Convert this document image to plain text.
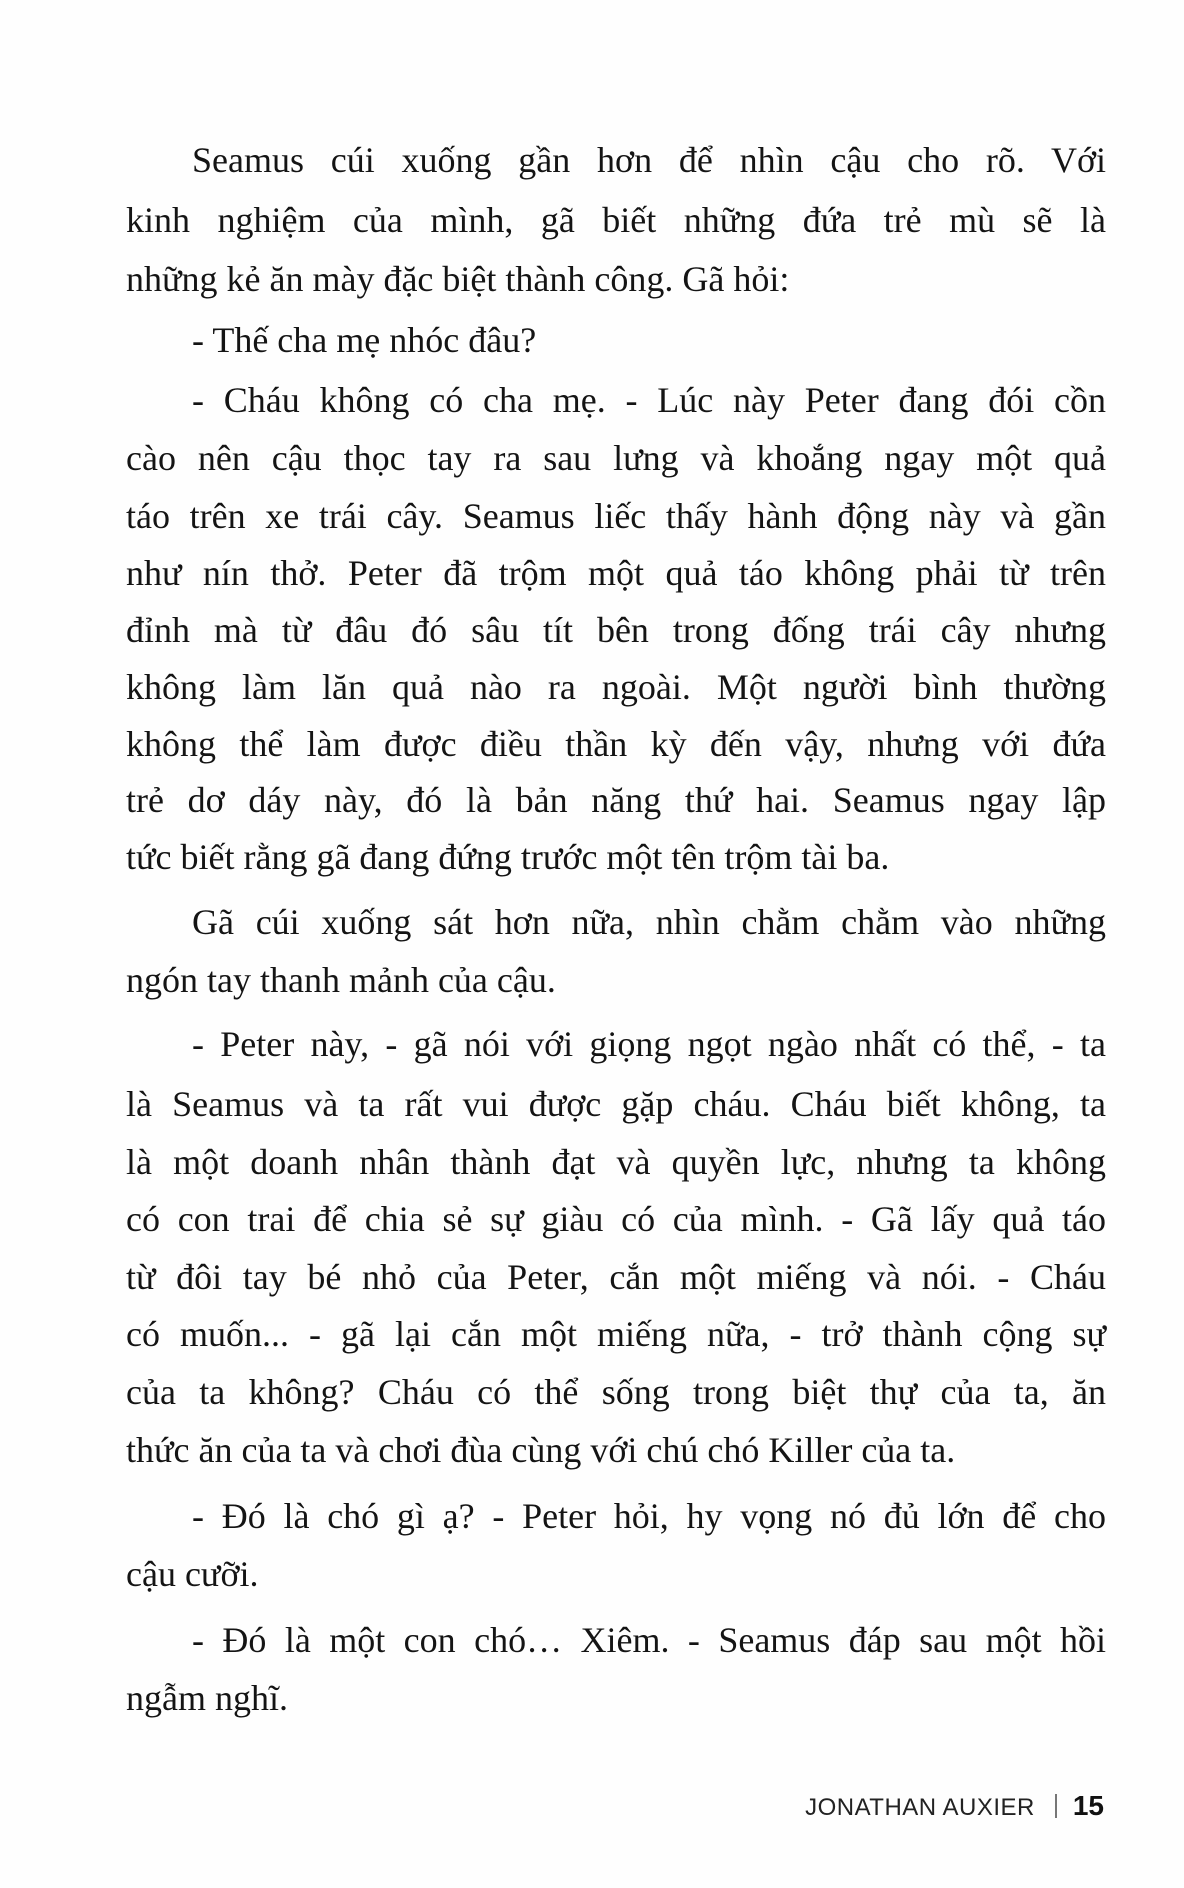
Seamus cúi xuống gần hơn để nhìn cậu cho rõ. Với
kinh nghiệm của mình, gã biết những đứa trẻ mù sẽ là
những kẻ ăn mày đặc biệt thành công. Gã hỏi:
- Thế cha mẹ nhóc đâu?
- Cháu không có cha mẹ. - Lúc này Peter đang đói cồn
cào nên cậu thọc tay ra sau lưng và khoắng ngay một quả
táo trên xe trái cây. Seamus liếc thấy hành động này và gần
như nín thở. Peter đã trộm một quả táo không phải từ trên
đỉnh mà từ đâu đó sâu tít bên trong đống trái cây nhưng
không làm lăn quả nào ra ngoài. Một người bình thường
không thể làm được điều thần kỳ đến vậy, nhưng với đứa
trẻ dơ dáy này, đó là bản năng thứ hai. Seamus ngay lập
tức biết rằng gã đang đứng trước một tên trộm tài ba.
Gã cúi xuống sát hơn nữa, nhìn chằm chằm vào những
ngón tay thanh mảnh của cậu.
- Peter này, - gã nói với giọng ngọt ngào nhất có thể, - ta
là Seamus và ta rất vui được gặp cháu. Cháu biết không, ta
là một doanh nhân thành đạt và quyền lực, nhưng ta không
có con trai để chia sẻ sự giàu có của mình. - Gã lấy quả táo
từ đôi tay bé nhỏ của Peter, cắn một miếng và nói. - Cháu
có muốn... - gã lại cắn một miếng nữa, - trở thành cộng sự
của ta không? Cháu có thể sống trong biệt thự của ta, ăn
thức ăn của ta và chơi đùa cùng với chú chó Killer của ta.
- Đó là chó gì ạ? - Peter hỏi, hy vọng nó đủ lớn để cho
cậu cưỡi.
- Đó là một con chó… Xiêm. - Seamus đáp sau một hồi
ngẫm nghĩ.
JONATHAN AUXIER 15
